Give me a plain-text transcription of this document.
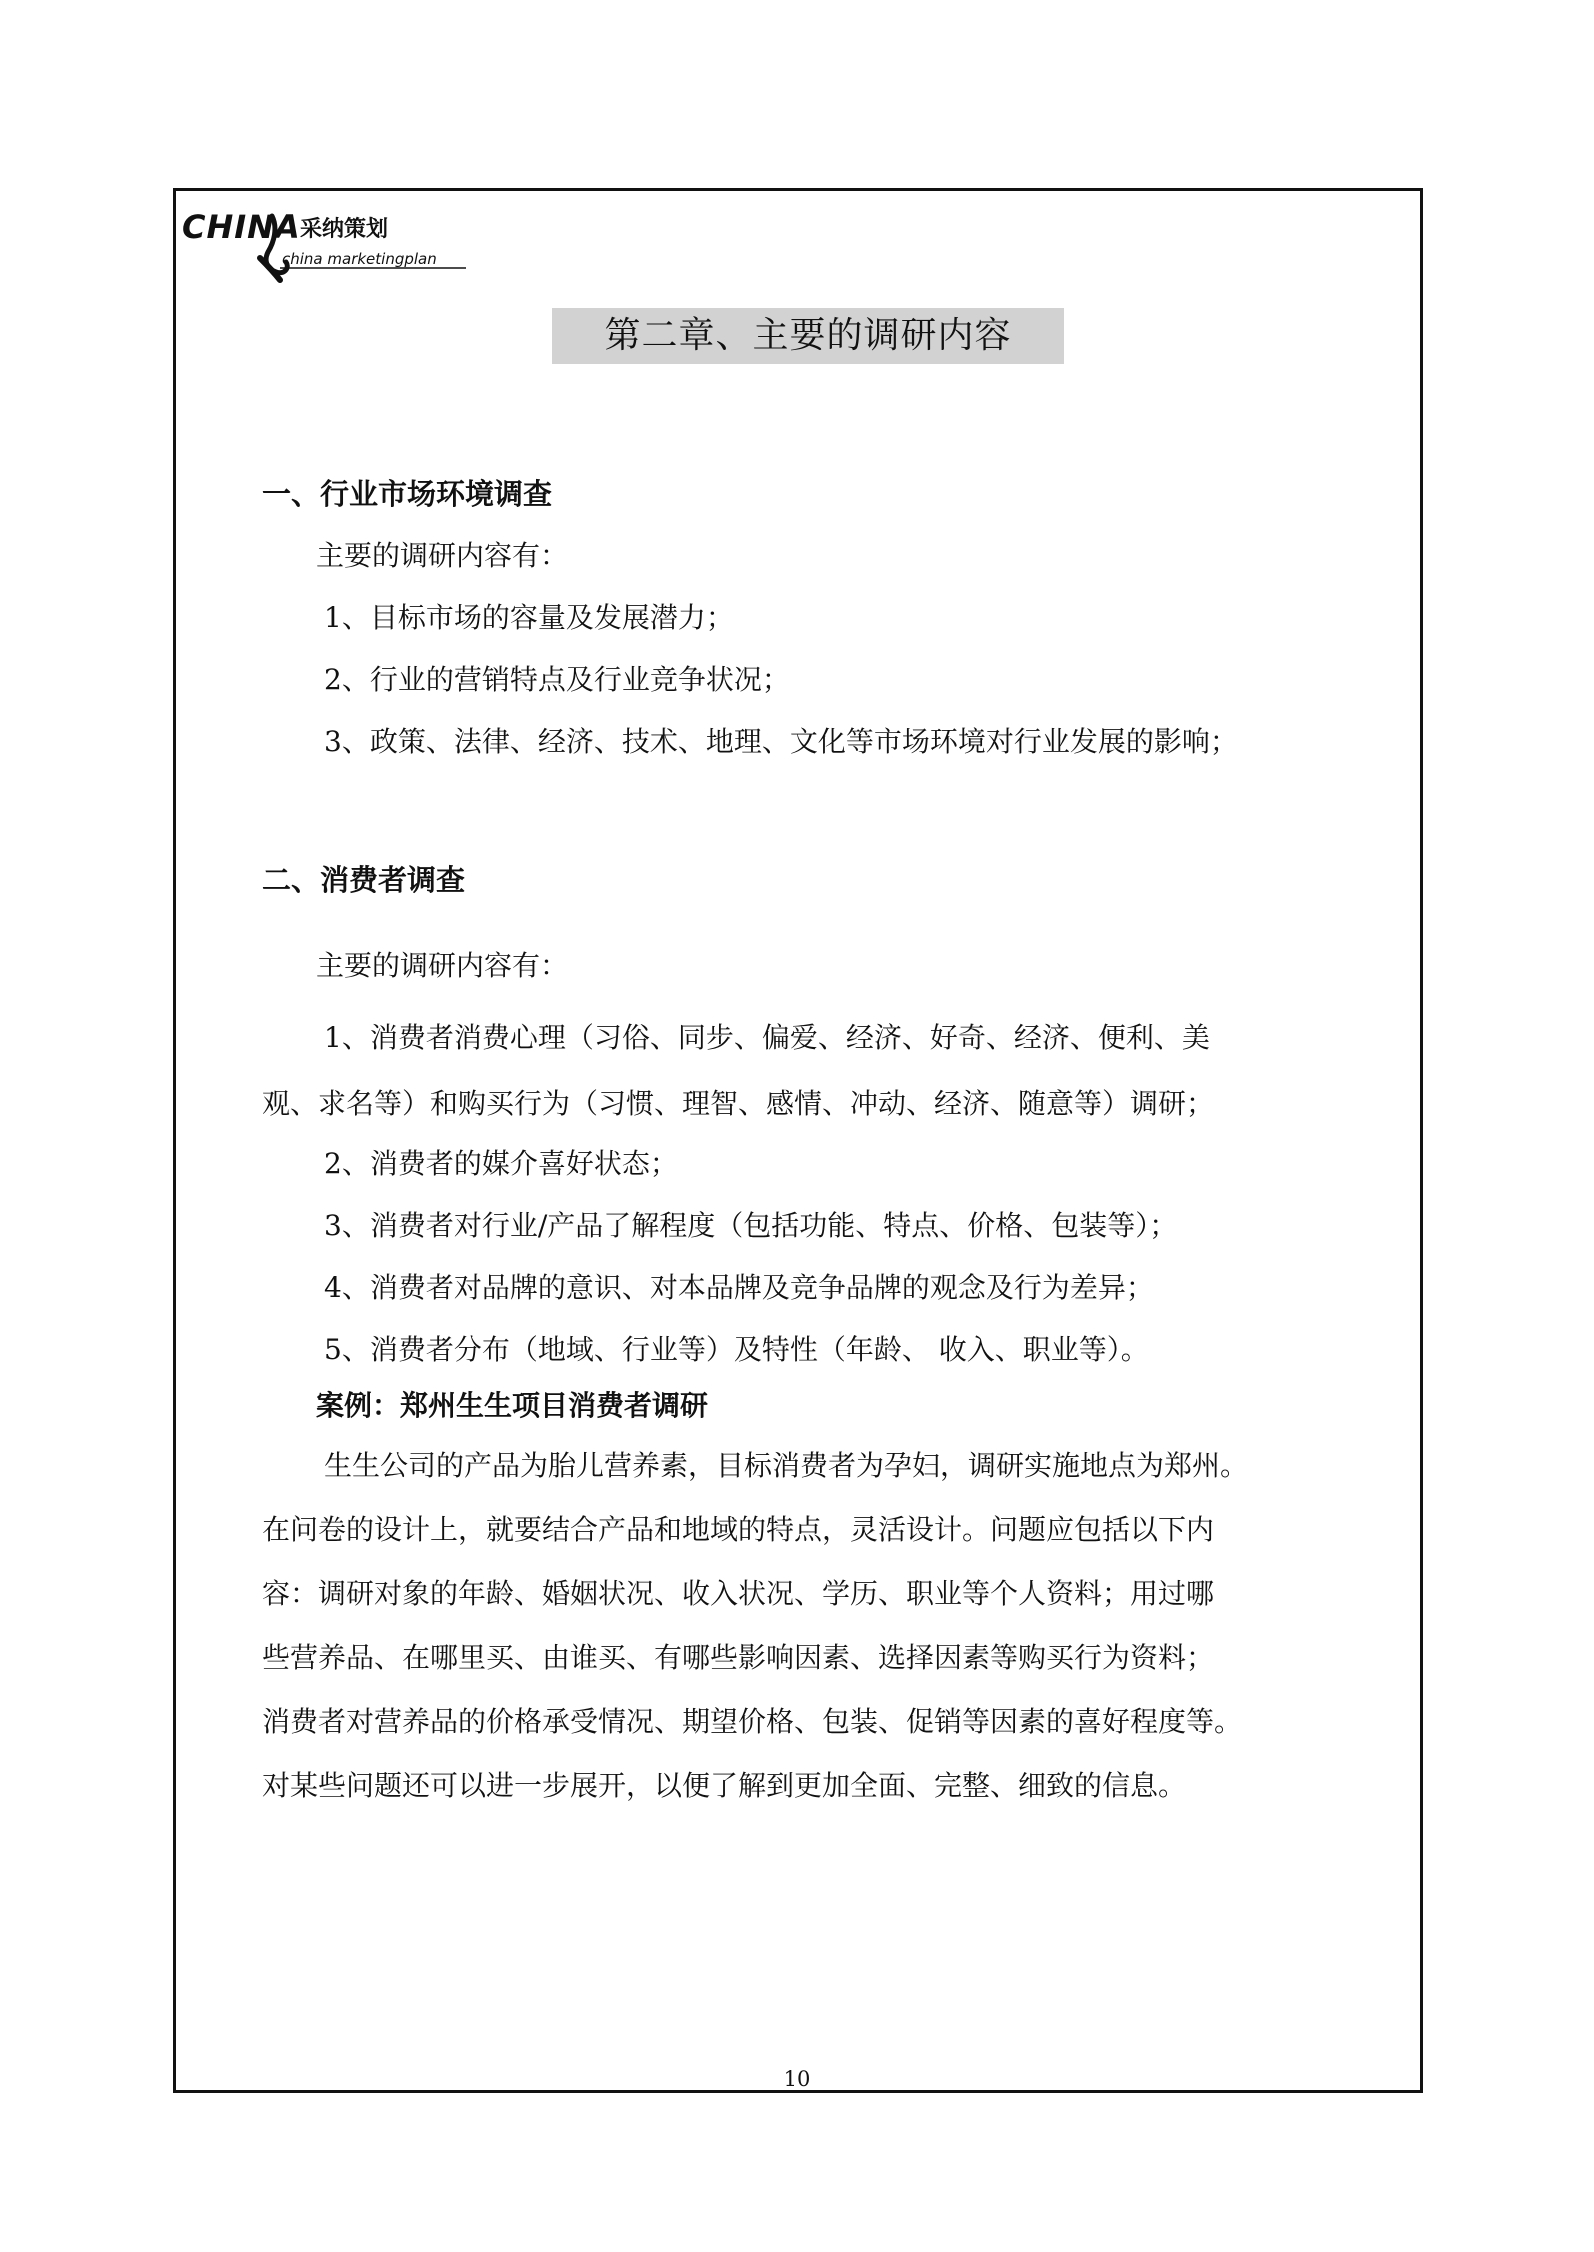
CHINA 采纳策划
china marketingplan
第二章、主要的调研内容
一、行业市场环境调查
主要的调研内容有：
1、目标市场的容量及发展潜力；
2、行业的营销特点及行业竞争状况；
3、政策、法律、经济、技术、地理、文化等市场环境对行业发展的影响；
二、消费者调查
主要的调研内容有：
1、消费者消费心理（习俗、同步、偏爱、经济、好奇、经济、便利、美
观、求名等）和购买行为（习惯、理智、感情、冲动、经济、随意等）调研；
2、消费者的媒介喜好状态；
3、消费者对行业/产品了解程度（包括功能、特点、价格、包装等）；
4、消费者对品牌的意识、对本品牌及竞争品牌的观念及行为差异；
5、消费者分布（地域、行业等）及特性（年龄、 收入、职业等）。
案例：郑州生生项目消费者调研
生生公司的产品为胎儿营养素，目标消费者为孕妇，调研实施地点为郑州。
在问卷的设计上，就要结合产品和地域的特点，灵活设计。问题应包括以下内
容：调研对象的年龄、婚姻状况、收入状况、学历、职业等个人资料；用过哪
些营养品、在哪里买、由谁买、有哪些影响因素、选择因素等购买行为资料；
消费者对营养品的价格承受情况、期望价格、包装、促销等因素的喜好程度等。
对某些问题还可以进一步展开，以便了解到更加全面、完整、细致的信息。
10
